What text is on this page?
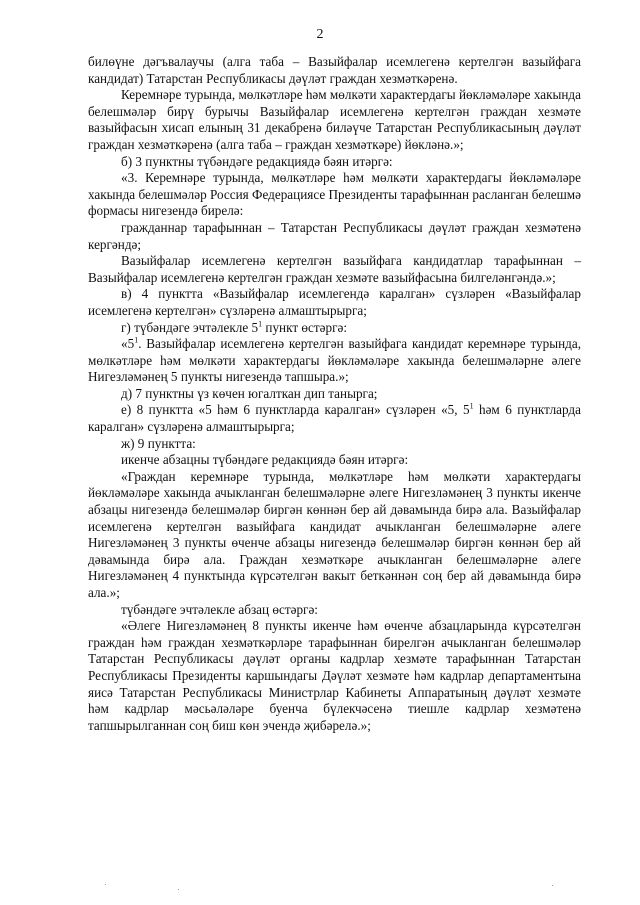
2

билөүне дәгъвалаучы (алга таба – Вазыйфалар исемлегенә кертелгән вазыйфага кандидат) Татарстан Республикасы дәүләт граждан хезмәткәренә.

Керемнәре турында, мөлкәтләре һәм мөлкәти характердагы йөкләмәләре хакында белешмәләр бирү бурычы Вазыйфалар исемлегенә кертелгән граждан хезмәте вазыйфасын хисап елының 31 декабренә биләүче Татарстан Республикасының дәүләт граждан хезмәткәренә (алга таба – граждан хезмәткәре) йөкләнә.»;

б) 3 пунктны түбәндәге редакциядә бәян итәргә:

«3. Керемнәре турында, мөлкәтләре һәм мөлкәти характердагы йөкләмәләре хакында белешмәләр Россия Федерациясе Президенты тарафыннан расланган белешмә формасы нигезендә бирелә:

гражданнар тарафыннан – Татарстан Республикасы дәүләт граждан хезмәтенә кергәндә;

Вазыйфалар исемлегенә кертелгән вазыйфага кандидатлар тарафыннан – Вазыйфалар исемлегенә кертелгән граждан хезмәте вазыйфасына билгеләнгәндә.»;

в) 4 пунктта «Вазыйфалар исемлегендә каралган» сүзләрен «Вазыйфалар исемлегенә кертелгән» сүзләренә алмаштырырга;

г) түбәндәге эчтәлекле $5^1$ пункт өстәргә:

«$5^1$. Вазыйфалар исемлегенә кертелгән вазыйфага кандидат керемнәре турында, мөлкәтләре һәм мөлкәти характердагы йөкләмәләре хакында белешмәләрне әлеге Нигезләмәнең 5 пункты нигезендә тапшыра.»;

д) 7 пунктны үз көчен югалткан дип танырга;

е) 8 пунктта «5 һәм 6 пунктларда каралган» сүзләрен «5, $5^1$ һәм 6 пунктларда каралган» сүзләренә алмаштырырга;

ж) 9 пунктта:

икенче абзацны түбәндәге редакциядә бәян итәргә:

«Граждан керемнәре турында, мөлкәтләре һәм мөлкәти характердагы йөкләмәләре хакында ачыкланган белешмәләрне әлеге Нигезләмәнең 3 пункты икенче абзацы нигезендә белешмәләр биргән көннән бер ай дәвамында бирә ала. Вазыйфалар исемлегенә кертелгән вазыйфага кандидат ачыкланган белешмәләрне әлеге Нигезләмәнең 3 пункты өченче абзацы нигезендә белешмәләр биргән көннән бер ай дәвамында бирә ала. Граждан хезмәткәре ачыкланган белешмәләрне әлеге Нигезләмәнең 4 пунктында күрсәтелгән вакыт беткәннән соң бер ай дәвамында бирә ала.»;

түбәндәге эчтәлекле абзац өстәргә:

«Әлеге Нигезләмәнең 8 пункты икенче һәм өченче абзацларында күрсәтелгән граждан һәм граждан хезмәткәрләре тарафыннан бирелгән ачыкланган белешмәләр Татарстан Республикасы дәүләт органы кадрлар хезмәте тарафыннан Татарстан Республикасы Президенты каршындагы Дәүләт хезмәте һәм кадрлар департаментына яисә Татарстан Республикасы Министрлар Кабинеты Аппаратының дәүләт хезмәте һәм кадрлар мәсьәләләре буенча бүлекчәсенә тиешле кадрлар хезмәтенә тапшырылганнан соң биш көн эчендә җибәрелә.»;
